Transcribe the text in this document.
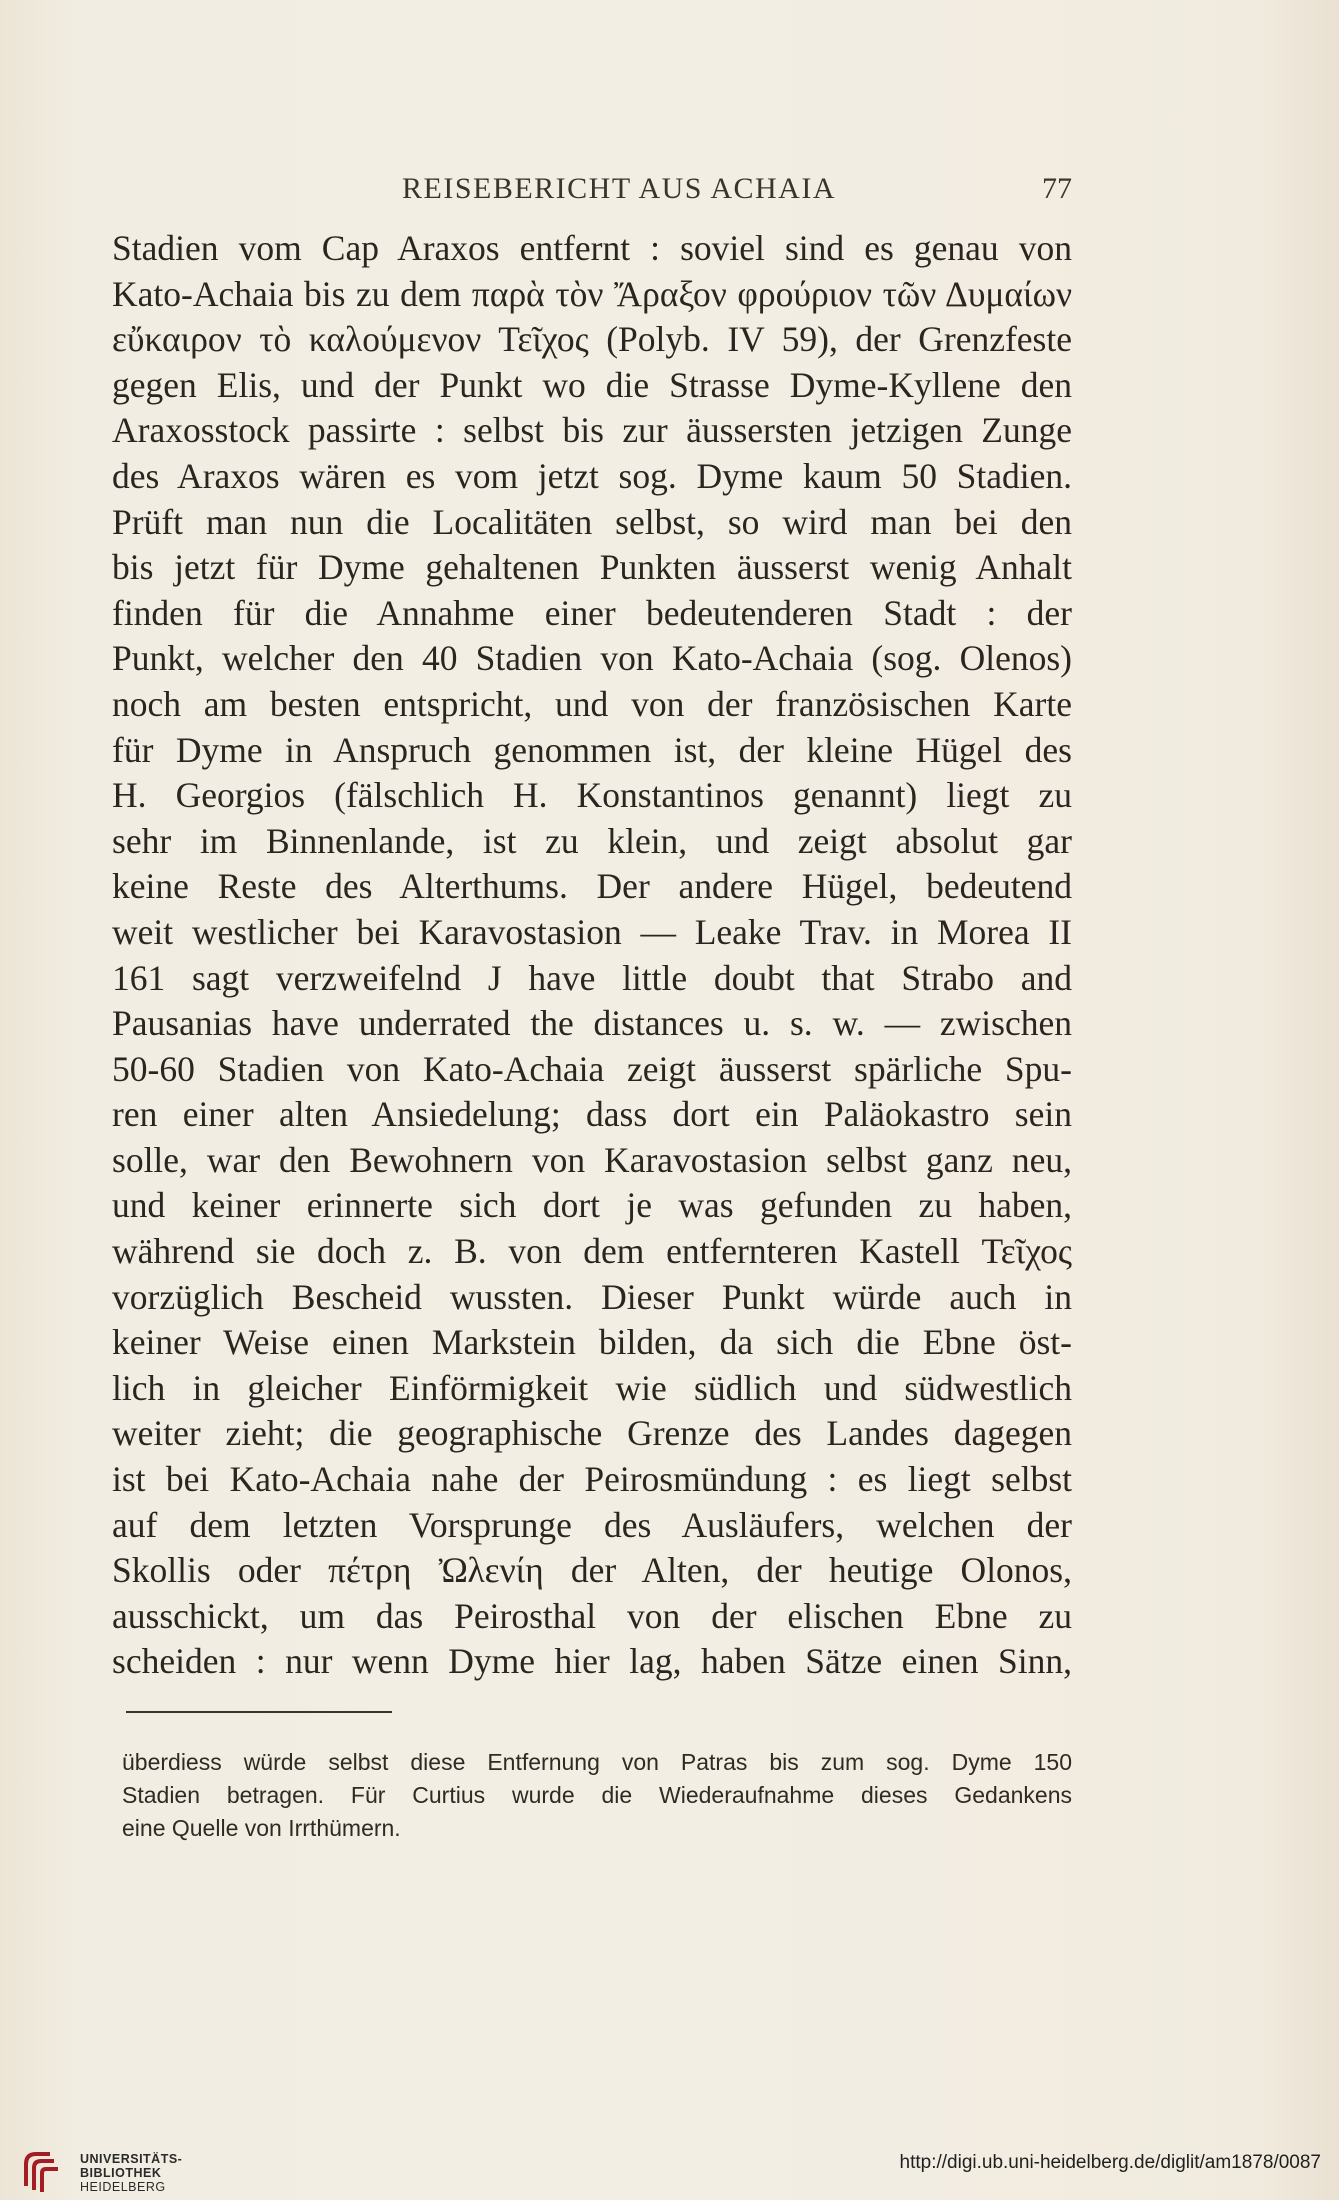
REISEBERICHT AUS ACHAIA	77
Stadien vom Cap Araxos entfernt : soviel sind es genau von
Kato-Achaia bis zu dem παρὰ τὸν Ἄραξον φρούριον τῶν Δυμαίων
εὔκαιρον τὸ καλούμενον Τεῖχος (Polyb. IV 59), der Grenzfeste
gegen Elis, und der Punkt wo die Strasse Dyme-Kyllene den
Araxosstock passirte : selbst bis zur äussersten jetzigen Zunge
des Araxos wären es vom jetzt sog. Dyme kaum 50 Stadien.
Prüft man nun die Localitäten selbst, so wird man bei den
bis jetzt für Dyme gehaltenen Punkten äusserst wenig Anhalt
finden für die Annahme einer bedeutenderen Stadt : der
Punkt, welcher den 40 Stadien von Kato-Achaia (sog. Olenos)
noch am besten entspricht, und von der französischen Karte
für Dyme in Anspruch genommen ist, der kleine Hügel des
H. Georgios (fälschlich H. Konstantinos genannt) liegt zu
sehr im Binnenlande, ist zu klein, und zeigt absolut gar
keine Reste des Alterthums. Der andere Hügel, bedeutend
weit westlicher bei Karavostasion — Leake Trav. in Morea II
161 sagt verzweifelnd J have little doubt that Strabo and
Pausanias have underrated the distances u. s. w. — zwischen
50-60 Stadien von Kato-Achaia zeigt äusserst spärliche Spu-
ren einer alten Ansiedelung; dass dort ein Paläokastro sein
solle, war den Bewohnern von Karavostasion selbst ganz neu,
und keiner erinnerte sich dort je was gefunden zu haben,
während sie doch z. B. von dem entfernteren Kastell Τεῖχος
vorzüglich Bescheid wussten. Dieser Punkt würde auch in
keiner Weise einen Markstein bilden, da sich die Ebne öst-
lich in gleicher Einförmigkeit wie südlich und südwestlich
weiter zieht; die geographische Grenze des Landes dagegen
ist bei Kato-Achaia nahe der Peirosmündung : es liegt selbst
auf dem letzten Vorsprunge des Ausläufers, welchen der
Skollis oder πέτρη Ὠλενίη der Alten, der heutige Olonos,
ausschickt, um das Peirosthal von der elischen Ebne zu
scheiden : nur wenn Dyme hier lag, haben Sätze einen Sinn,
überdiess würde selbst diese Entfernung von Patras bis zum sog. Dyme 150
Stadien betragen. Für Curtius wurde die Wiederaufnahme dieses Gedankens
eine Quelle von Irrthümern.
UNIVERSITÄTS-
BIBLIOTHEK
HEIDELBERG
http://digi.ub.uni-heidelberg.de/diglit/am1878/0087
